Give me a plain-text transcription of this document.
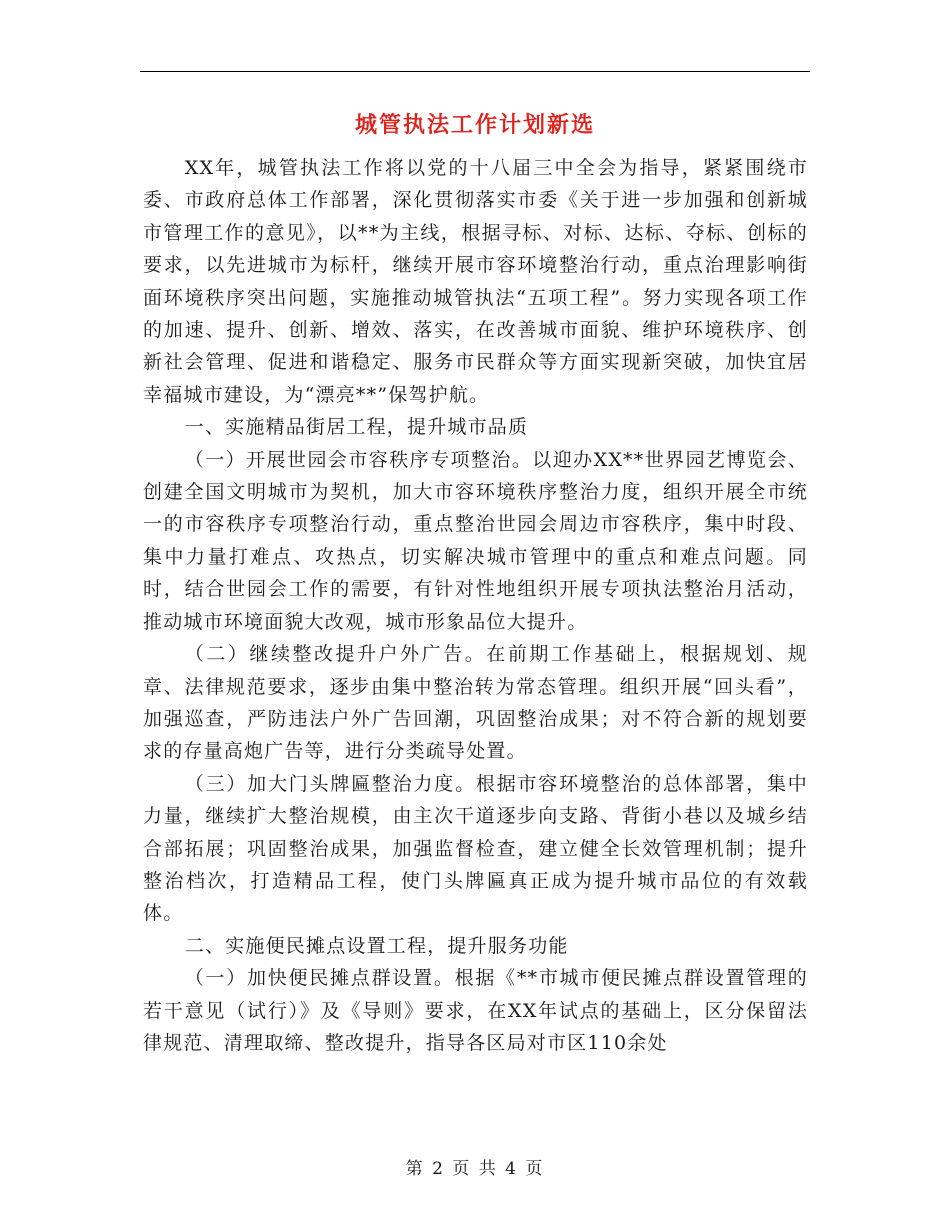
城管执法工作计划新选

XX年，城管执法工作将以党的十八届三中全会为指导，紧紧围绕市委、市政府总体工作部署，深化贯彻落实市委《关于进一步加强和创新城市管理工作的意见》，以**为主线，根据寻标、对标、达标、夺标、创标的要求，以先进城市为标杆，继续开展市容环境整治行动，重点治理影响街面环境秩序突出问题，实施推动城管执法“五项工程”。努力实现各项工作的加速、提升、创新、增效、落实，在改善城市面貌、维护环境秩序、创新社会管理、促进和谐稳定、服务市民群众等方面实现新突破，加快宜居幸福城市建设，为“漂亮**”保驾护航。

一、实施精品街居工程，提升城市品质

（一）开展世园会市容秩序专项整治。以迎办XX**世界园艺博览会、创建全国文明城市为契机，加大市容环境秩序整治力度，组织开展全市统一的市容秩序专项整治行动，重点整治世园会周边市容秩序，集中时段、集中力量打难点、攻热点，切实解决城市管理中的重点和难点问题。同时，结合世园会工作的需要，有针对性地组织开展专项执法整治月活动，推动城市环境面貌大改观，城市形象品位大提升。

（二）继续整改提升户外广告。在前期工作基础上，根据规划、规章、法律规范要求，逐步由集中整治转为常态管理。组织开展“回头看”，加强巡查，严防违法户外广告回潮，巩固整治成果；对不符合新的规划要求的存量高炮广告等，进行分类疏导处置。

（三）加大门头牌匾整治力度。根据市容环境整治的总体部署，集中力量，继续扩大整治规模，由主次干道逐步向支路、背街小巷以及城乡结合部拓展；巩固整治成果，加强监督检查，建立健全长效管理机制；提升整治档次，打造精品工程，使门头牌匾真正成为提升城市品位的有效载体。

二、实施便民摊点设置工程，提升服务功能

（一）加快便民摊点群设置。根据《**市城市便民摊点群设置管理的若干意见（试行）》及《导则》要求，在XX年试点的基础上，区分保留法律规范、清理取缔、整改提升，指导各区局对市区110余处

第 2 页 共 4 页
